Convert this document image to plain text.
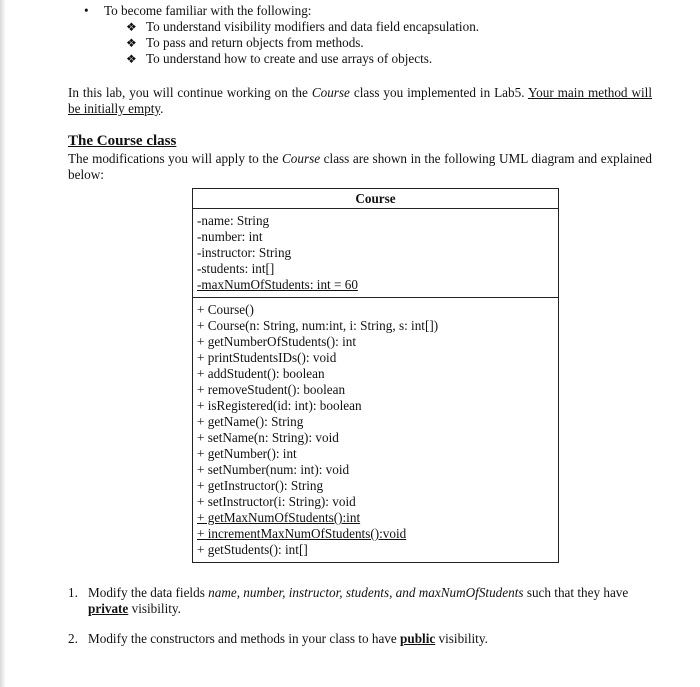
•	To become familiar with the following:
❖ To understand visibility modifiers and data field encapsulation.
❖ To pass and return objects from methods.
❖ To understand how to create and use arrays of objects.
In this lab, you will continue working on the Course class you implemented in Lab5. Your main method will be initially empty.
The Course class
The modifications you will apply to the Course class are shown in the following UML diagram and explained below:
Course
-name: String
-number: int
-instructor: String
-students: int[]
-maxNumOfStudents: int = 60
+ Course()
+ Course(n: String, num:int, i: String, s: int[])
+ getNumberOfStudents(): int
+ printStudentsIDs(): void
+ addStudent(): boolean
+ removeStudent(): boolean
+ isRegistered(id: int): boolean
+ getName(): String
+ setName(n: String): void
+ getNumber(): int
+ setNumber(num: int): void
+ getInstructor(): String
+ setInstructor(i: String): void
+ getMaxNumOfStudents():int
+ incrementMaxNumOfStudents():void
+ getStudents(): int[]
1. Modify the data fields name, number, instructor, students, and maxNumOfStudents such that they have private visibility.
2. Modify the constructors and methods in your class to have public visibility.
